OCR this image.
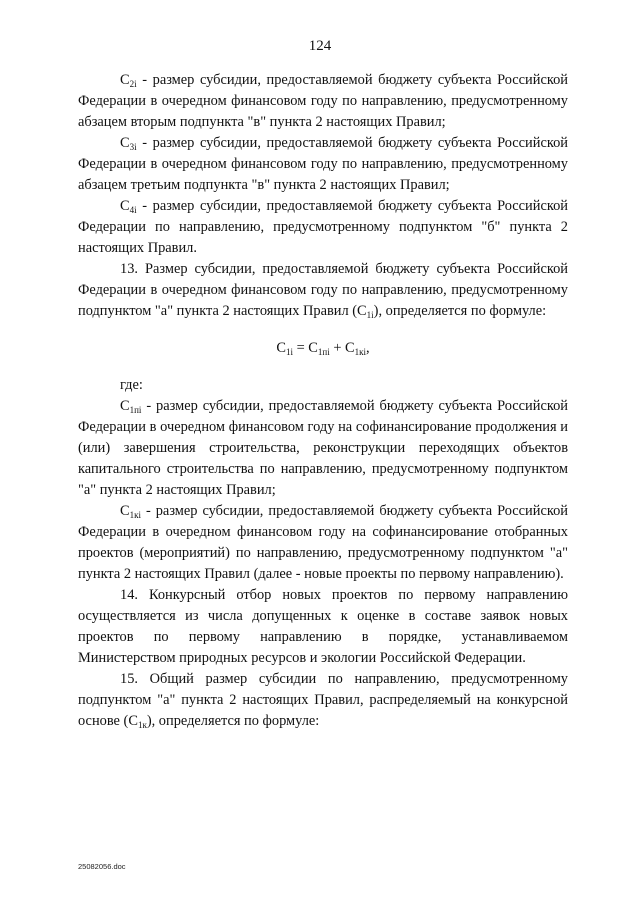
124

$C_{2i}$ - размер субсидии, предоставляемой бюджету субъекта Российской Федерации в очередном финансовом году по направлению, предусмотренному абзацем вторым подпункта "в" пункта 2 настоящих Правил;

$C_{3i}$ - размер субсидии, предоставляемой бюджету субъекта Российской Федерации в очередном финансовом году по направлению, предусмотренному абзацем третьим подпункта "в" пункта 2 настоящих Правил;

$C_{4i}$ - размер субсидии, предоставляемой бюджету субъекта Российской Федерации по направлению, предусмотренному подпунктом "б" пункта 2 настоящих Правил.

13. Размер субсидии, предоставляемой бюджету субъекта Российской Федерации в очередном финансовом году по направлению, предусмотренному подпунктом "а" пункта 2 настоящих Правил $(C_{1i})$, определяется по формуле:

$C_{1i} = C_{1пi} + C_{1кi}$,

где:

$C_{1пi}$ - размер субсидии, предоставляемой бюджету субъекта Российской Федерации в очередном финансовом году на софинансирование продолжения и (или) завершения строительства, реконструкции переходящих объектов капитального строительства по направлению, предусмотренному подпунктом "а" пункта 2 настоящих Правил;

$C_{1кi}$ - размер субсидии, предоставляемой бюджету субъекта Российской Федерации в очередном финансовом году на софинансирование отобранных проектов (мероприятий) по направлению, предусмотренному подпунктом "а" пункта 2 настоящих Правил (далее - новые проекты по первому направлению).

14. Конкурсный отбор новых проектов по первому направлению осуществляется из числа допущенных к оценке в составе заявок новых проектов по первому направлению в порядке, устанавливаемом Министерством природных ресурсов и экологии Российской Федерации.

15. Общий размер субсидии по направлению, предусмотренному подпунктом "а" пункта 2 настоящих Правил, распределяемый на конкурсной основе $(C_{1к})$, определяется по формуле:

25082056.doc
